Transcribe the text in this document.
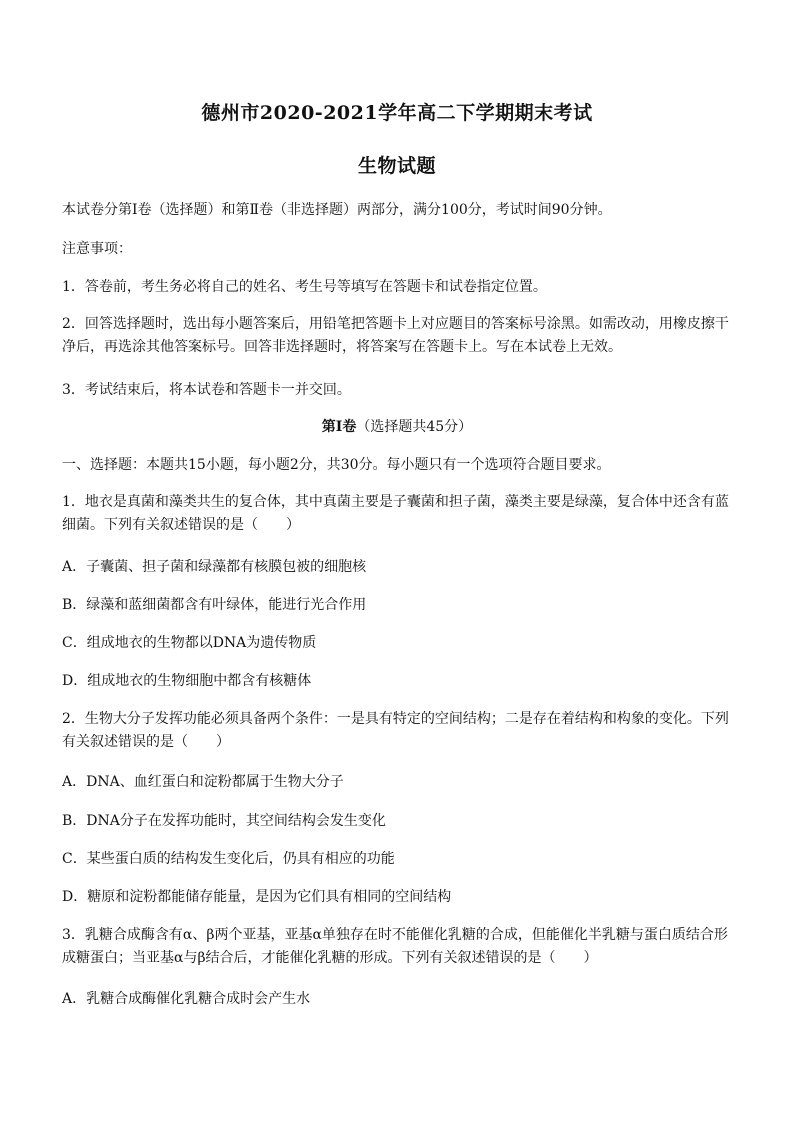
德州市2020-2021学年高二下学期期末考试
生物试题
本试卷分第Ⅰ卷（选择题）和第Ⅱ卷（非选择题）两部分，满分100分，考试时间90分钟。
注意事项：
1．答卷前，考生务必将自己的姓名、考生号等填写在答题卡和试卷指定位置。
2．回答选择题时，选出每小题答案后，用铅笔把答题卡上对应题目的答案标号涂黑。如需改动，用橡皮擦干净后，再选涂其他答案标号。回答非选择题时，将答案写在答题卡上。写在本试卷上无效。
3．考试结束后，将本试卷和答题卡一并交回。
第Ⅰ卷（选择题共45分）
一、选择题：本题共15小题，每小题2分，共30分。每小题只有一个选项符合题目要求。
1．地衣是真菌和藻类共生的复合体，其中真菌主要是子囊菌和担子菌，藻类主要是绿藻，复合体中还含有蓝细菌。下列有关叙述错误的是（　　）
A．子囊菌、担子菌和绿藻都有核膜包被的细胞核
B．绿藻和蓝细菌都含有叶绿体，能进行光合作用
C．组成地衣的生物都以DNA为遗传物质
D．组成地衣的生物细胞中都含有核糖体
2．生物大分子发挥功能必须具备两个条件：一是具有特定的空间结构；二是存在着结构和构象的变化。下列有关叙述错误的是（　　）
A．DNA、血红蛋白和淀粉都属于生物大分子
B．DNA分子在发挥功能时，其空间结构会发生变化
C．某些蛋白质的结构发生变化后，仍具有相应的功能
D．糖原和淀粉都能储存能量，是因为它们具有相同的空间结构
3．乳糖合成酶含有α、β两个亚基，亚基α单独存在时不能催化乳糖的合成，但能催化半乳糖与蛋白质结合形成糖蛋白；当亚基α与β结合后，才能催化乳糖的形成。下列有关叙述错误的是（　　）
A．乳糖合成酶催化乳糖合成时会产生水
